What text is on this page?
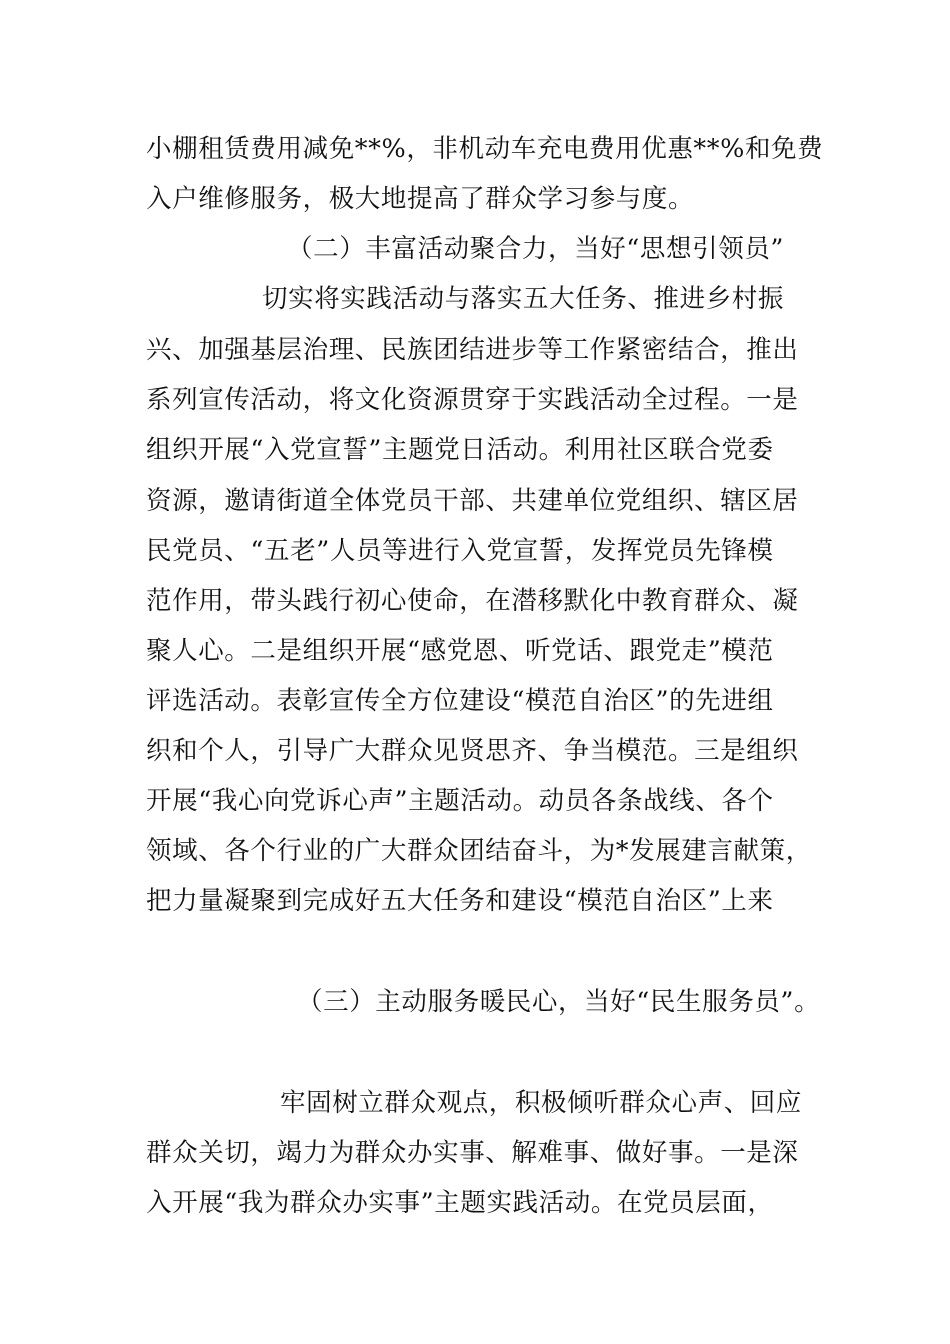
小棚租赁费用减免**%，非机动车充电费用优惠**%和免费
入户维修服务，极大地提高了群众学习参与度。
（二）丰富活动聚合力，当好“思想引领员”
切实将实践活动与落实五大任务、推进乡村振
兴、加强基层治理、民族团结进步等工作紧密结合，推出
系列宣传活动，将文化资源贯穿于实践活动全过程。一是
组织开展“入党宣誓”主题党日活动。利用社区联合党委
资源，邀请街道全体党员干部、共建单位党组织、辖区居
民党员、“五老”人员等进行入党宣誓，发挥党员先锋模
范作用，带头践行初心使命，在潜移默化中教育群众、凝
聚人心。二是组织开展“感党恩、听党话、跟党走”模范
评选活动。表彰宣传全方位建设“模范自治区”的先进组
织和个人，引导广大群众见贤思齐、争当模范。三是组织
开展“我心向党诉心声”主题活动。动员各条战线、各个
领域、各个行业的广大群众团结奋斗，为*发展建言献策，
把力量凝聚到完成好五大任务和建设“模范自治区”上来
（三）主动服务暖民心，当好“民生服务员”。
牢固树立群众观点，积极倾听群众心声、回应
群众关切，竭力为群众办实事、解难事、做好事。一是深
入开展“我为群众办实事”主题实践活动。在党员层面，
